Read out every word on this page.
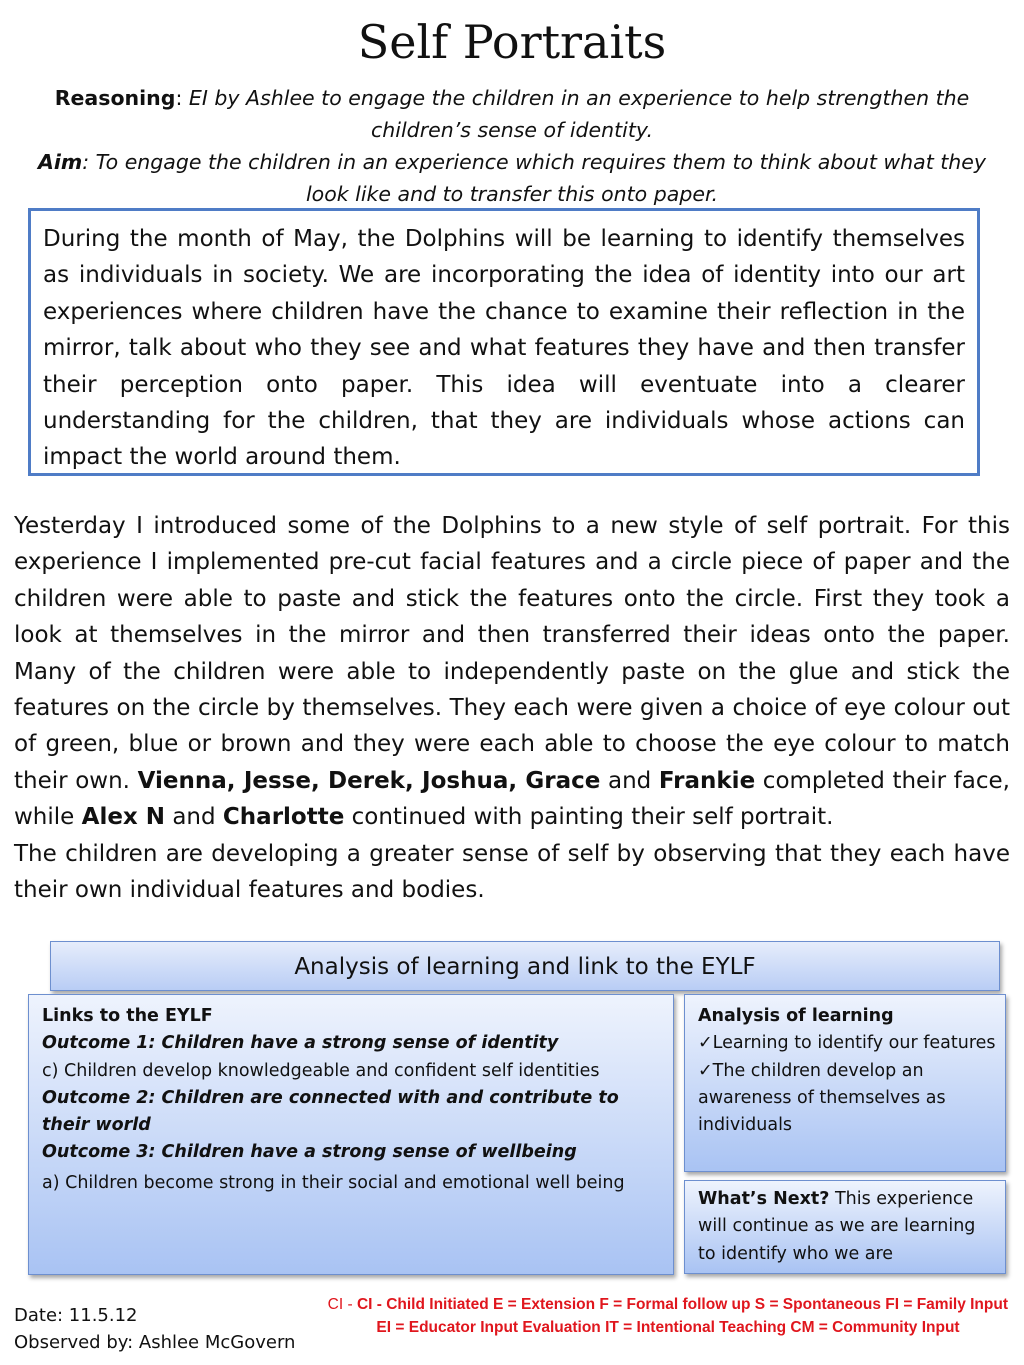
Self Portraits
Reasoning: EI by Ashlee to engage the children in an experience to help strengthen the children’s sense of identity.
Aim: To engage the children in an experience which requires them to think about what they look like and to transfer this onto paper.
During the month of May, the Dolphins will be learning to identify themselves as individuals in society. We are incorporating the idea of identity into our art experiences where children have the chance to examine their reflection in the mirror, talk about who they see and what features they have and then transfer their perception onto paper. This idea will eventuate into a clearer understanding for the children, that they are individuals whose actions can impact the world around them.

Yesterday I introduced some of the Dolphins to a new style of self portrait. For this experience I implemented pre-cut facial features and a circle piece of paper and the children were able to paste and stick the features onto the circle. First they took a look at themselves in the mirror and then transferred their ideas onto the paper. Many of the children were able to independently paste on the glue and stick the features on the circle by themselves. They each were given a choice of eye colour out of green, blue or brown and they were each able to choose the eye colour to match their own. Vienna, Jesse, Derek, Joshua, Grace and Frankie completed their face, while Alex N and Charlotte continued with painting their self portrait.

The children are developing a greater sense of self by observing that they each have their own individual features and bodies.

Analysis of learning and link to the EYLF
Links to the EYLF
Outcome 1: Children have a strong sense of identity
c) Children develop knowledgeable and confident self identities
Outcome 2: Children are connected with and contribute to their world
Outcome 3: Children have a strong sense of wellbeing
a) Children become strong in their social and emotional well being
Analysis of learning
✓Learning to identify our features
✓The children develop an awareness of themselves as individuals
What’s Next? This experience will continue as we are learning to identify who we are
CI - CI - Child Initiated E = Extension F = Formal follow up S = Spontaneous FI = Family Input
EI = Educator Input Evaluation IT = Intentional Teaching CM = Community Input
Date: 11.5.12
Observed by: Ashlee McGovern
